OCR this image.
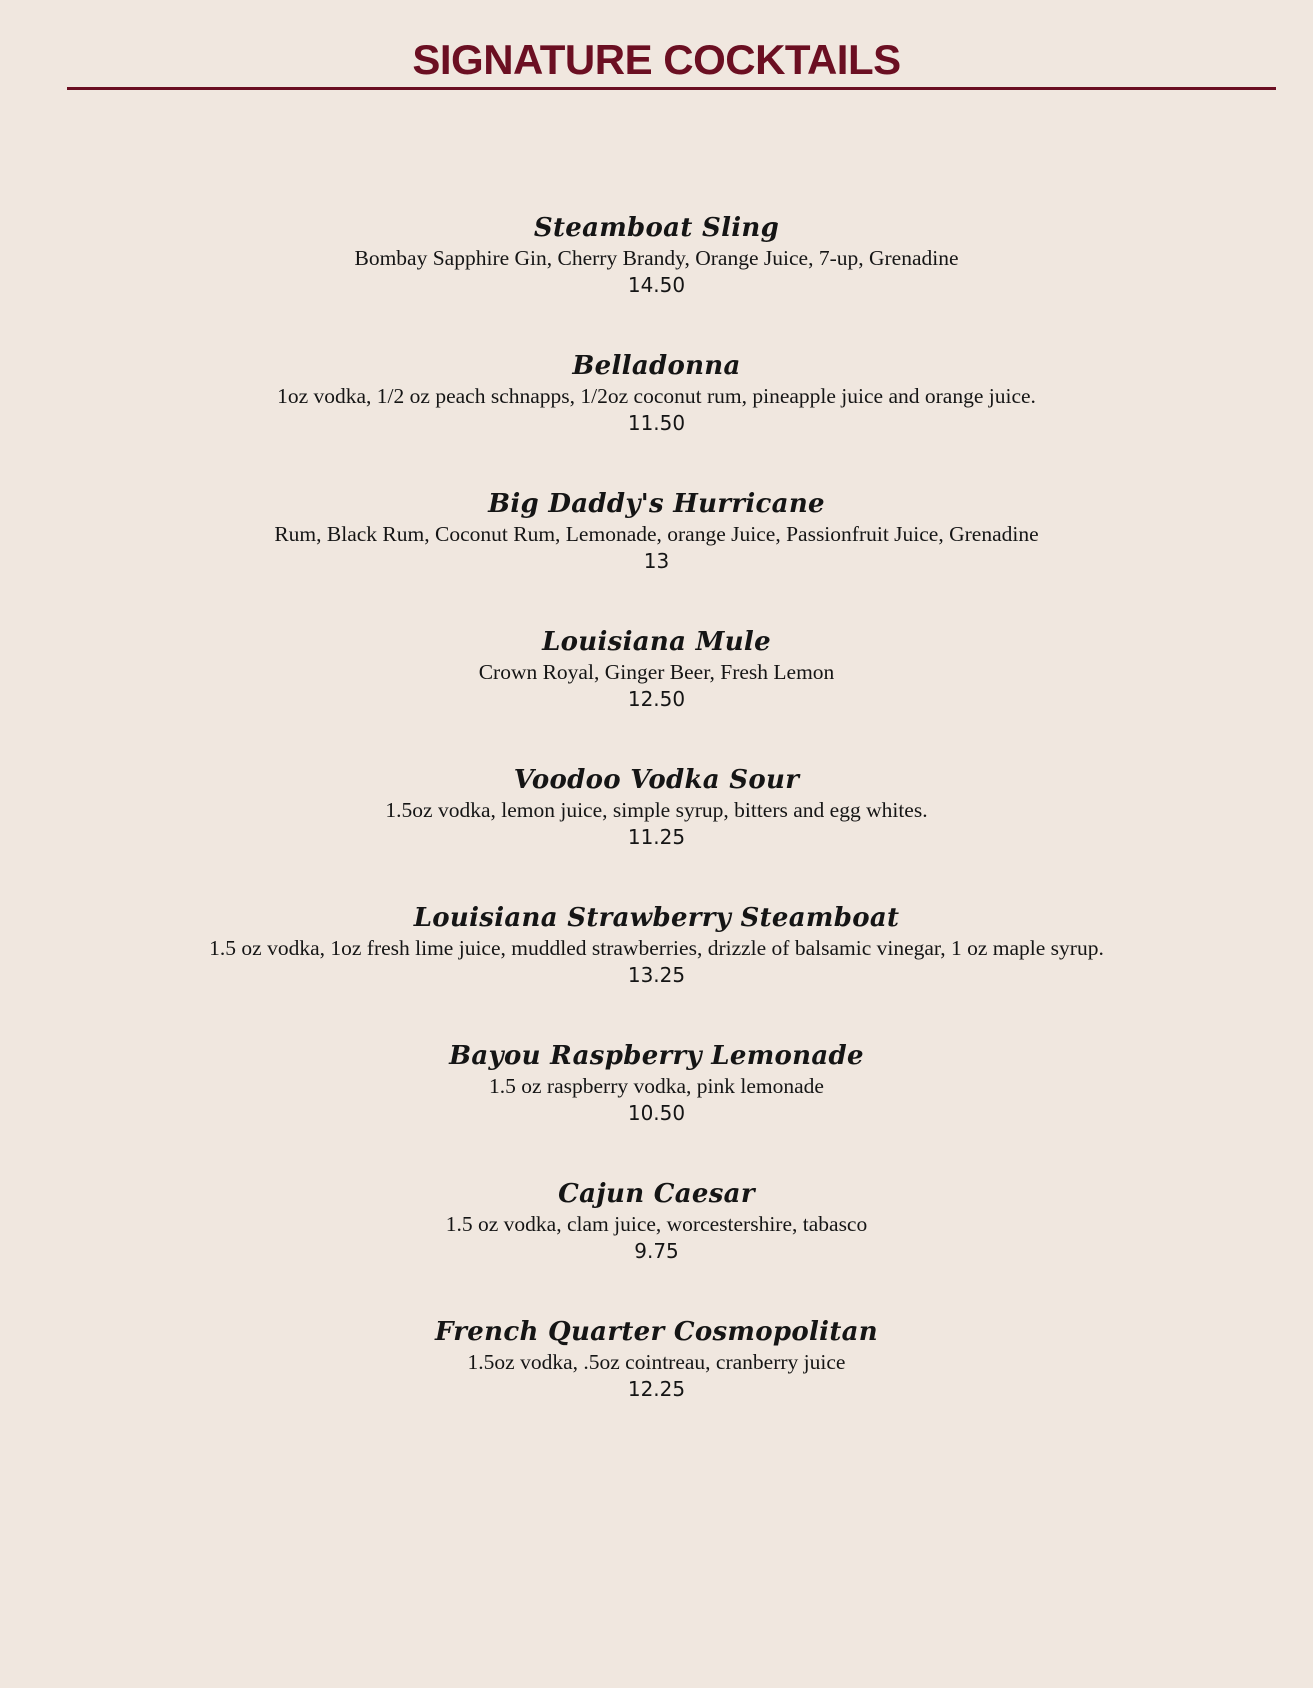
SIGNATURE COCKTAILS
Steamboat Sling
Bombay Sapphire Gin, Cherry Brandy, Orange Juice, 7-up, Grenadine
14.50
Belladonna
1oz vodka, 1/2 oz peach schnapps, 1/2oz coconut rum, pineapple juice and orange juice.
11.50
Big Daddy's Hurricane
Rum, Black Rum, Coconut Rum, Lemonade, orange Juice, Passionfruit Juice, Grenadine
13
Louisiana Mule
Crown Royal, Ginger Beer, Fresh Lemon
12.50
Voodoo Vodka Sour
1.5oz vodka, lemon juice, simple syrup, bitters and egg whites.
11.25
Louisiana Strawberry Steamboat
1.5 oz vodka, 1oz fresh lime juice, muddled strawberries, drizzle of balsamic vinegar, 1 oz maple syrup.
13.25
Bayou Raspberry Lemonade
1.5 oz raspberry vodka, pink lemonade
10.50
Cajun Caesar
1.5 oz vodka, clam juice, worcestershire, tabasco
9.75
French Quarter Cosmopolitan
1.5oz vodka, .5oz cointreau, cranberry juice
12.25
